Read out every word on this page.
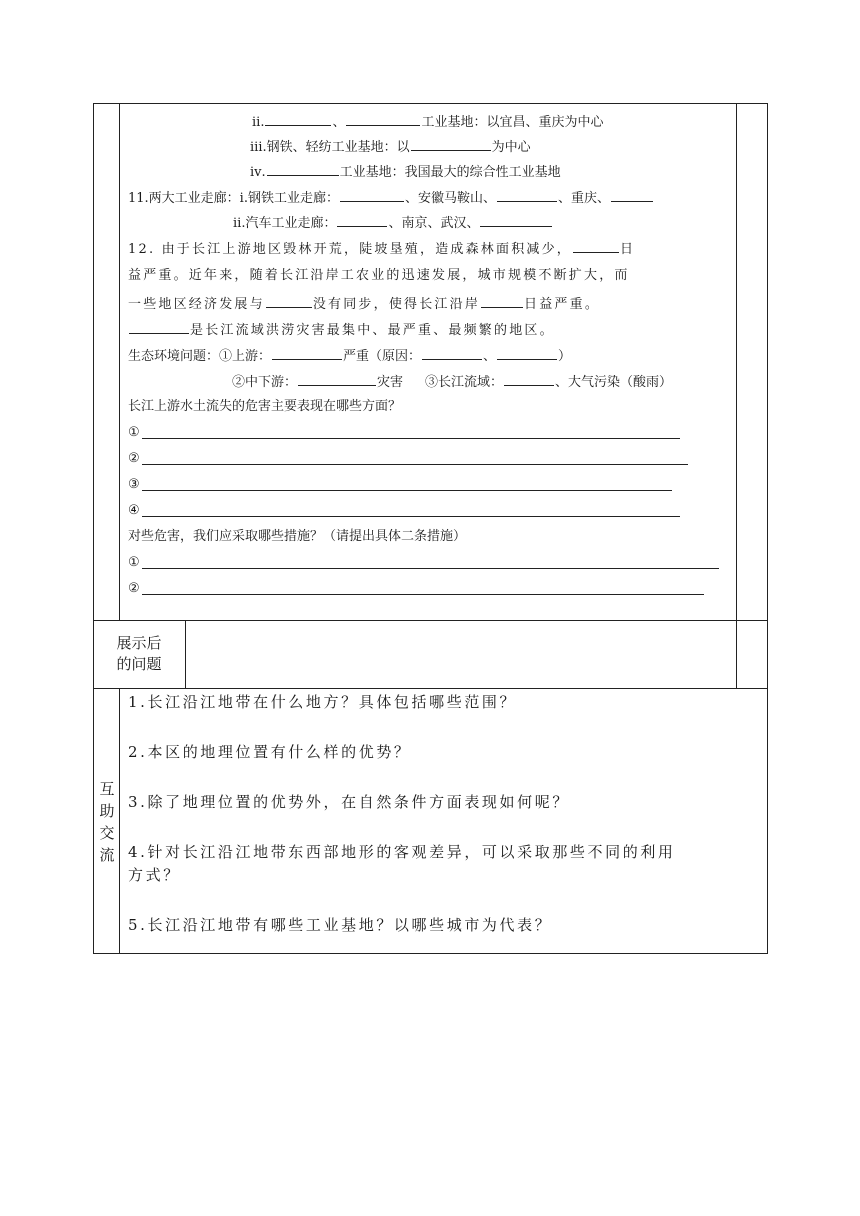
ⅱ.	、	工业基地：以宜昌、重庆为中心
ⅲ.钢铁、轻纺工业基地：以	为中心
ⅳ.	工业基地：我国最大的综合性工业基地
11.两大工业走廊：ⅰ.钢铁工业走廊：	、安徽马鞍山、	、重庆、
ⅱ.汽车工业走廊：	、南京、武汉、
12. 由于长江上游地区毁林开荒，陡坡垦殖，造成森林面积减少，	日
益严重。近年来，随着长江沿岸工农业的迅速发展，城市规模不断扩大，而
一些地区经济发展与	没有同步，使得长江沿岸	日益严重。
是长江流域洪涝灾害最集中、最严重、最频繁的地区。
生态环境问题：①上游：	严重（原因：	、	）
②中下游：	灾害 ③长江流域：	、大气污染（酸雨）
长江上游水土流失的危害主要表现在哪些方面？
①
②
③
④
对些危害，我们应采取哪些措施？（请提出具体二条措施）
①
②
展示后
的问题
互
助
交
流
1.长江沿江地带在什么地方？具体包括哪些范围？
2.本区的地理位置有什么样的优势？
3.除了地理位置的优势外，在自然条件方面表现如何呢？
4.针对长江沿江地带东西部地形的客观差异，可以采取那些不同的利用
方式？
5.长江沿江地带有哪些工业基地？以哪些城市为代表？
